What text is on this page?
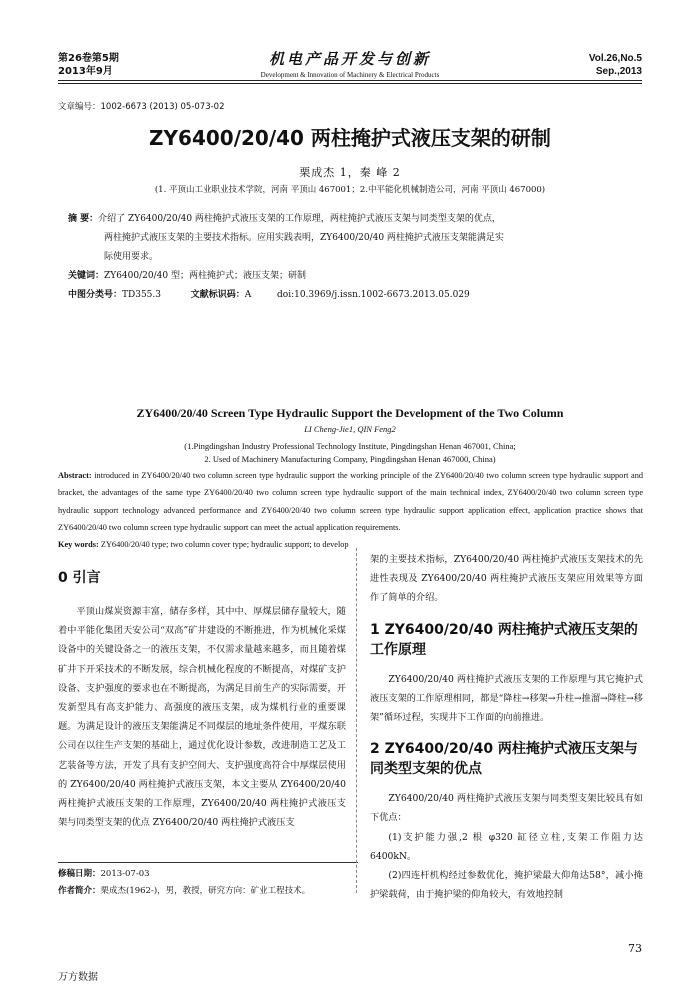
第26卷第5期
2013年9月
机电产品开发与创新
Development & Innovation of Machinery & Electrical Products
Vol.26,No.5
Sep.,2013
文章编号：1002-6673 (2013) 05-073-02
ZY6400/20/40 两柱掩护式液压支架的研制
栗成杰 1，秦 峰 2
(1. 平顶山工业职业技术学院，河南 平顶山 467001；2.中平能化机械制造公司，河南 平顶山 467000)
摘 要：介绍了 ZY6400/20/40 两柱掩护式液压支架的工作原理，两柱掩护式液压支架与同类型支架的优点，
两柱掩护式液压支架的主要技术指标。应用实践表明，ZY6400/20/40 两柱掩护式液压支架能满足实
际使用要求。
关键词：ZY6400/20/40 型；两柱掩护式；液压支架；研制
中图分类号：TD355.3	文献标识码：A	doi:10.3969/j.issn.1002-6673.2013.05.029
ZY6400/20/40 Screen Type Hydraulic Support the Development of the Two Column
LI Cheng-Jie1, QIN Feng2
(1.Pingdingshan Industry Professional Technology Institute, Pingdingshan Henan 467001, China;
2. Used of Machinery Manufacturing Company, Pingdingshan Henan 467000, China)
Abstract: introduced in ZY6400/20/40 two column screen type hydraulic support the working principle of the ZY6400/20/40 two column screen type hydraulic support and bracket, the advantages of the same type ZY6400/20/40 two column screen type hydraulic support of the main technical index, ZY6400/20/40 two column screen type hydraulic support technology advanced performance and ZY6400/20/40 two column screen type hydraulic support application effect, application practice shows that ZY6400/20/40 two column screen type hydraulic support can meet the actual application requirements.
Key words: ZY6400/20/40 type; two column cover type; hydraulic support; to develop
0 引言

平顶山煤炭资源丰富，储存多样，其中中、厚煤层储存量较大，随着中平能化集团天安公司“双高”矿井建设的不断推进，作为机械化采煤设备中的关键设备之一的液压支架，不仅需求量越来越多，而且随着煤矿井下开采技术的不断发展，综合机械化程度的不断提高，对煤矿支护设备、支护强度的要求也在不断提高，为满足目前生产的实际需要，开发新型具有高支护能力、高强度的液压支架，成为煤机行业的重要课题。为满足设计的液压支架能满足不同煤层的地址条件使用，平煤东联公司在以往生产支架的基础上，通过优化设计参数，改进制造工艺及工艺装备等方法，开发了具有支护空间大、支护强度高符合中厚煤层使用的 ZY6400/20/40 两柱掩护式液压支架，本文主要从 ZY6400/20/40 两柱掩护式液压支架的工作原理，ZY6400/20/40 两柱掩护式液压支架与同类型支架的优点 ZY6400/20/40 两柱掩护式液压支

修稿日期：2013-07-03
作者简介：栗成杰(1962-)，男，教授，研究方向：矿业工程技术。

架的主要技术指标，ZY6400/20/40 两柱掩护式液压支架技术的先进性表现及 ZY6400/20/40 两柱掩护式液压支架应用效果等方面作了简单的介绍。

1 ZY6400/20/40 两柱掩护式液压支架的工作原理

ZY6400/20/40 两柱掩护式液压支架的工作原理与其它掩护式液压支架的工作原理相同，都是“降柱→移架→升柱→推溜→降柱→移架”循环过程，实现井下工作面的向前推进。

2 ZY6400/20/40 两柱掩护式液压支架与同类型支架的优点

ZY6400/20/40 两柱掩护式液压支架与同类型支架比较具有如下优点：

(1)支护能力强,2 根 φ320 缸径立柱,支架工作阻力达 6400kN。

(2)四连杆机构经过参数优化，掩护梁最大仰角达58°，减小掩护梁载荷，由于掩护梁的仰角较大，有效地控制

73
万方数据
